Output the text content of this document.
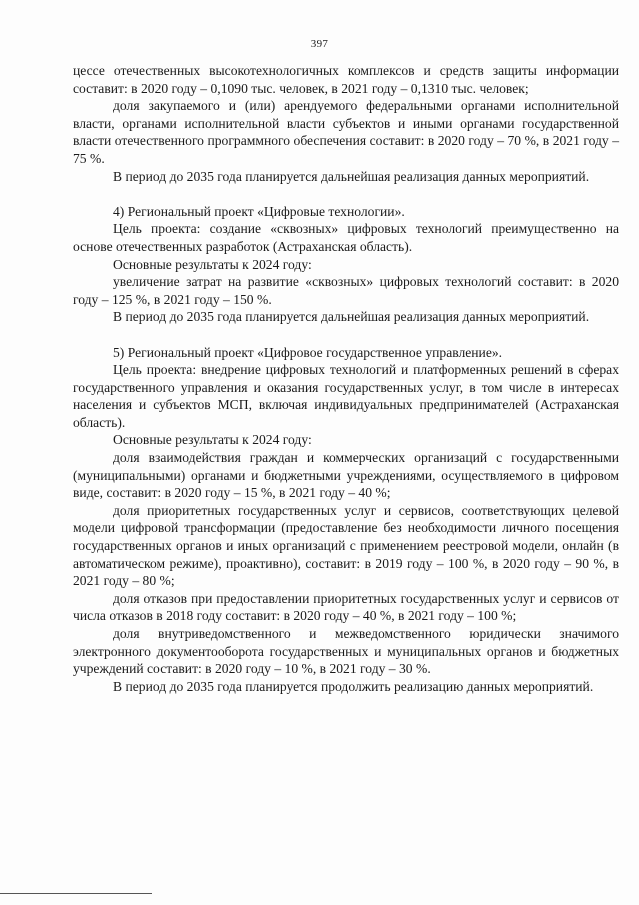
397

цессе отечественных высокотехнологичных комплексов и средств защиты информации составит: в 2020 году – 0,1090 тыс. человек, в 2021 году – 0,1310 тыс. человек;

доля закупаемого и (или) арендуемого федеральными органами исполнительной власти, органами исполнительной власти субъектов и иными органами государственной власти отечественного программного обеспечения составит: в 2020 году – 70 %, в 2021 году – 75 %.

В период до 2035 года планируется дальнейшая реализация данных мероприятий.

4) Региональный проект «Цифровые технологии».

Цель проекта: создание «сквозных» цифровых технологий преимущественно на основе отечественных разработок (Астраханская область).

Основные результаты к 2024 году:

увеличение затрат на развитие «сквозных» цифровых технологий составит: в 2020 году – 125 %, в 2021 году – 150 %.

В период до 2035 года планируется дальнейшая реализация данных мероприятий.

5) Региональный проект «Цифровое государственное управление».

Цель проекта: внедрение цифровых технологий и платформенных решений в сферах государственного управления и оказания государственных услуг, в том числе в интересах населения и субъектов МСП, включая индивидуальных предпринимателей (Астраханская область).

Основные результаты к 2024 году:

доля взаимодействия граждан и коммерческих организаций с государственными (муниципальными) органами и бюджетными учреждениями, осуществляемого в цифровом виде, составит: в 2020 году – 15 %, в 2021 году – 40 %;

доля приоритетных государственных услуг и сервисов, соответствующих целевой модели цифровой трансформации (предоставление без необходимости личного посещения государственных органов и иных организаций с применением реестровой модели, онлайн (в автоматическом режиме), проактивно), составит: в 2019 году – 100 %, в 2020 году – 90 %, в 2021 году – 80 %;

доля отказов при предоставлении приоритетных государственных услуг и сервисов от числа отказов в 2018 году составит: в 2020 году – 40 %, в 2021 году – 100 %;

доля внутриведомственного и межведомственного юридически значимого электронного документооборота государственных и муниципальных органов и бюджетных учреждений составит: в 2020 году – 10 %, в 2021 году – 30 %.

В период до 2035 года планируется продолжить реализацию данных мероприятий.
